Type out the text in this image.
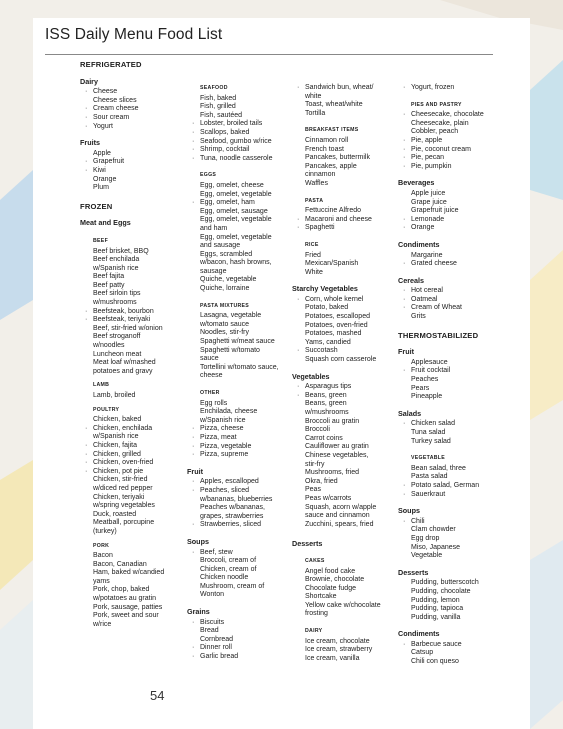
ISS Daily Menu Food List
REFRIGERATED
Dairy
· Cheese
Cheese slices
· Cream cheese
· Sour cream
· Yogurt
Fruits
Apple
· Grapefruit
· Kiwi
Orange
Plum
FROZEN
Meat and Eggs
BEEF
Beef brisket, BBQ
Beef enchilada
w/Spanish rice
Beef fajita
Beef patty
Beef sirloin tips
w/mushrooms
· Beefsteak, bourbon
· Beefsteak, teriyaki
Beef, stir-fried w/onion
Beef stroganoff
w/noodles
Luncheon meat
Meat loaf w/mashed
potatoes and gravy
LAMB
Lamb, broiled
POULTRY
Chicken, baked
· Chicken, enchilada
w/Spanish rice
· Chicken, fajita
· Chicken, grilled
· Chicken, oven-fried
· Chicken, pot pie
Chicken, stir-fried
w/diced red pepper
Chicken, teriyaki
w/spring vegetables
Duck, roasted
Meatball, porcupine
(turkey)
PORK
Bacon
Bacon, Canadian
Ham, baked w/candied
yams
Pork, chop, baked
w/potatoes au gratin
Pork, sausage, patties
Pork, sweet and sour
w/rice
SEAFOOD
Fish, baked
Fish, grilled
Fish, sautéed
· Lobster, broiled tails
· Scallops, baked
· Seafood, gumbo w/rice
· Shrimp, cocktail
· Tuna, noodle casserole
EGGS
Egg, omelet, cheese
Egg, omelet, vegetable
· Egg, omelet, ham
Egg, omelet, sausage
Egg, omelet, vegetable
and ham
Egg, omelet, vegetable
and sausage
Eggs, scrambled
w/bacon, hash browns,
sausage
Quiche, vegetable
Quiche, lorraine
PASTA MIXTURES
Lasagna, vegetable
w/tomato sauce
Noodles, stir-fry
Spaghetti w/meat sauce
Spaghetti w/tomato
sauce
Tortellini w/tomato sauce,
cheese
OTHER
Egg rolls
Enchilada, cheese
w/Spanish rice
· Pizza, cheese
· Pizza, meat
· Pizza, vegetable
· Pizza, supreme
Fruit
· Apples, escalloped
· Peaches, sliced
w/bananas, blueberries
Peaches w/bananas,
grapes, strawberries
· Strawberries, sliced
Soups
· Beef, stew
Broccoli, cream of
Chicken, cream of
Chicken noodle
Mushroom, cream of
Wonton
Grains
· Biscuits
Bread
Cornbread
· Dinner roll
· Garlic bread
· Sandwich bun, wheat/
white
Toast, wheat/white
Tortilla
BREAKFAST ITEMS
Cinnamon roll
French toast
Pancakes, buttermilk
Pancakes, apple
cinnamon
Waffles
PASTA
Fettuccine Alfredo
· Macaroni and cheese
· Spaghetti
RICE
Fried
Mexican/Spanish
White
Starchy Vegetables
· Corn, whole kernel
Potato, baked
Potatoes, escalloped
Potatoes, oven-fried
Potatoes, mashed
Yams, candied
· Succotash
Squash corn casserole
Vegetables
· Asparagus tips
· Beans, green
Beans, green
w/mushrooms
Broccoli au gratin
Broccoli
Carrot coins
Cauliflower au gratin
Chinese vegetables,
stir-fry
Mushrooms, fried
Okra, fried
Peas
Peas w/carrots
Squash, acorn w/apple
sauce and cinnamon
Zucchini, spears, fried
Desserts
CAKES
Angel food cake
Brownie, chocolate
Chocolate fudge
Shortcake
Yellow cake w/chocolate
frosting
DAIRY
Ice cream, chocolate
Ice cream, strawberry
Ice cream, vanilla
· Yogurt, frozen
PIES AND PASTRY
· Cheesecake, chocolate
Cheesecake, plain
Cobbler, peach
· Pie, apple
· Pie, coconut cream
· Pie, pecan
· Pie, pumpkin
Beverages
Apple juice
Grape juice
Grapefruit juice
· Lemonade
· Orange
Condiments
Margarine
· Grated cheese
Cereals
· Hot cereal
· Oatmeal
· Cream of Wheat
Grits
THERMOSTABILIZED
Fruit
Applesauce
· Fruit cocktail
Peaches
Pears
Pineapple
Salads
· Chicken salad
Tuna salad
Turkey salad
VEGETABLE
Bean salad, three
Pasta salad
· Potato salad, German
· Sauerkraut
Soups
· Chili
Clam chowder
Egg drop
Miso, Japanese
Vegetable
Desserts
Pudding, butterscotch
Pudding, chocolate
Pudding, lemon
Pudding, tapioca
Pudding, vanilla
Condiments
· Barbecue sauce
Catsup
Chili con queso
54
